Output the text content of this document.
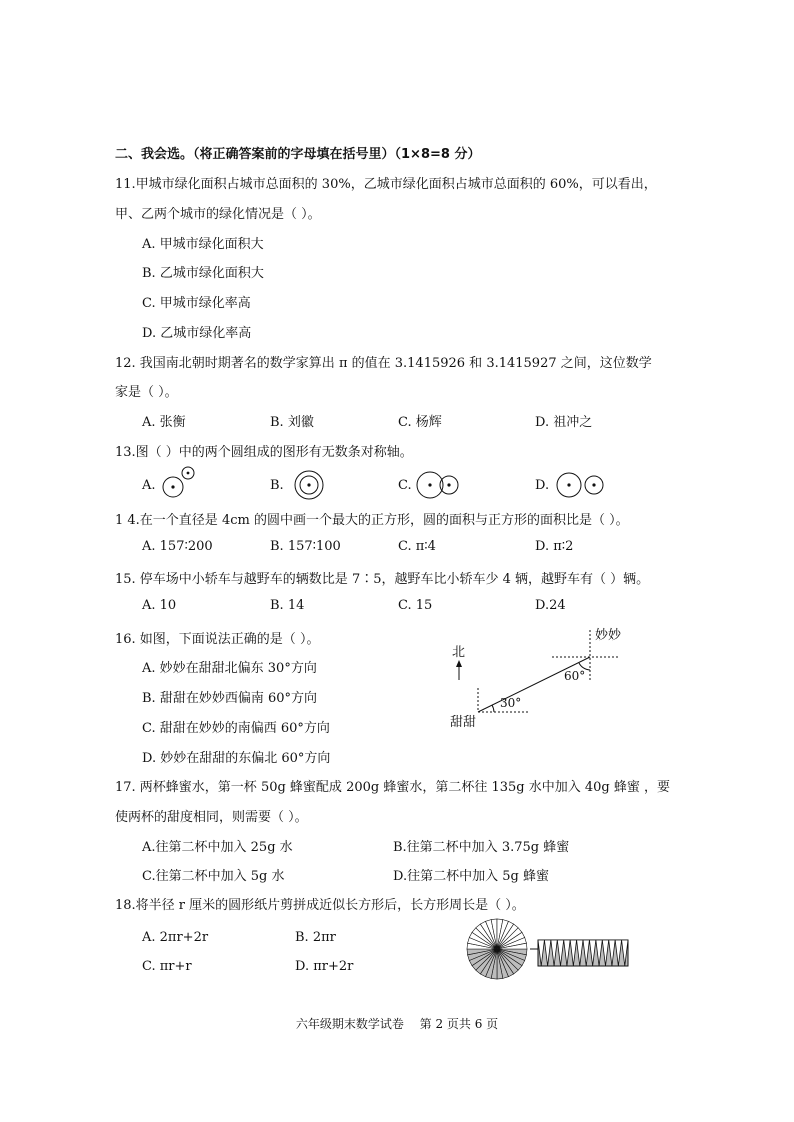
二、我会选。（将正确答案前的字母填在括号里）（1×8=8 分）
11.甲城市绿化面积占城市总面积的 30%，乙城市绿化面积占城市总面积的 60%，可以看出，
甲、乙两个城市的绿化情况是（ ）。
A. 甲城市绿化面积大
B. 乙城市绿化面积大
C. 甲城市绿化率高
D. 乙城市绿化率高
12. 我国南北朝时期著名的数学家算出 π 的值在 3.1415926 和 3.1415927 之间，这位数学
家是（ ）。
A. 张衡	B. 刘徽	C. 杨辉	D. 祖冲之
13.图（ ）中的两个圆组成的图形有无数条对称轴。
A.	B.	C.	D.
1 4.在一个直径是 4cm 的圆中画一个最大的正方形，圆的面积与正方形的面积比是（ ）。
A. 157∶200	B. 157∶100	C. π∶4	D. π∶2
15. 停车场中小轿车与越野车的辆数比是 7∶5，越野车比小轿车少 4 辆，越野车有（ ）辆。
A. 10	B. 14	C. 15	D.24
16. 如图，下面说法正确的是（ ）。
A. 妙妙在甜甜北偏东 30°方向
B. 甜甜在妙妙西偏南 60°方向
C. 甜甜在妙妙的南偏西 60°方向
D. 妙妙在甜甜的东偏北 60°方向
北
30°
甜甜
60°
妙妙
17. 两杯蜂蜜水，第一杯 50g 蜂蜜配成 200g 蜂蜜水，第二杯往 135g 水中加入 40g 蜂蜜 ，要
使两杯的甜度相同，则需要（ ）。
A.往第二杯中加入 25g 水	B.往第二杯中加入 3.75g 蜂蜜
C.往第二杯中加入 5g 水	D.往第二杯中加入 5g 蜂蜜
18.将半径 r 厘米的圆形纸片剪拼成近似长方形后，长方形周长是（ ）。
A. 2πr+2r	B. 2πr
C. πr+r	D. πr+2r
六年级期末数学试卷 第 2 页共 6 页
